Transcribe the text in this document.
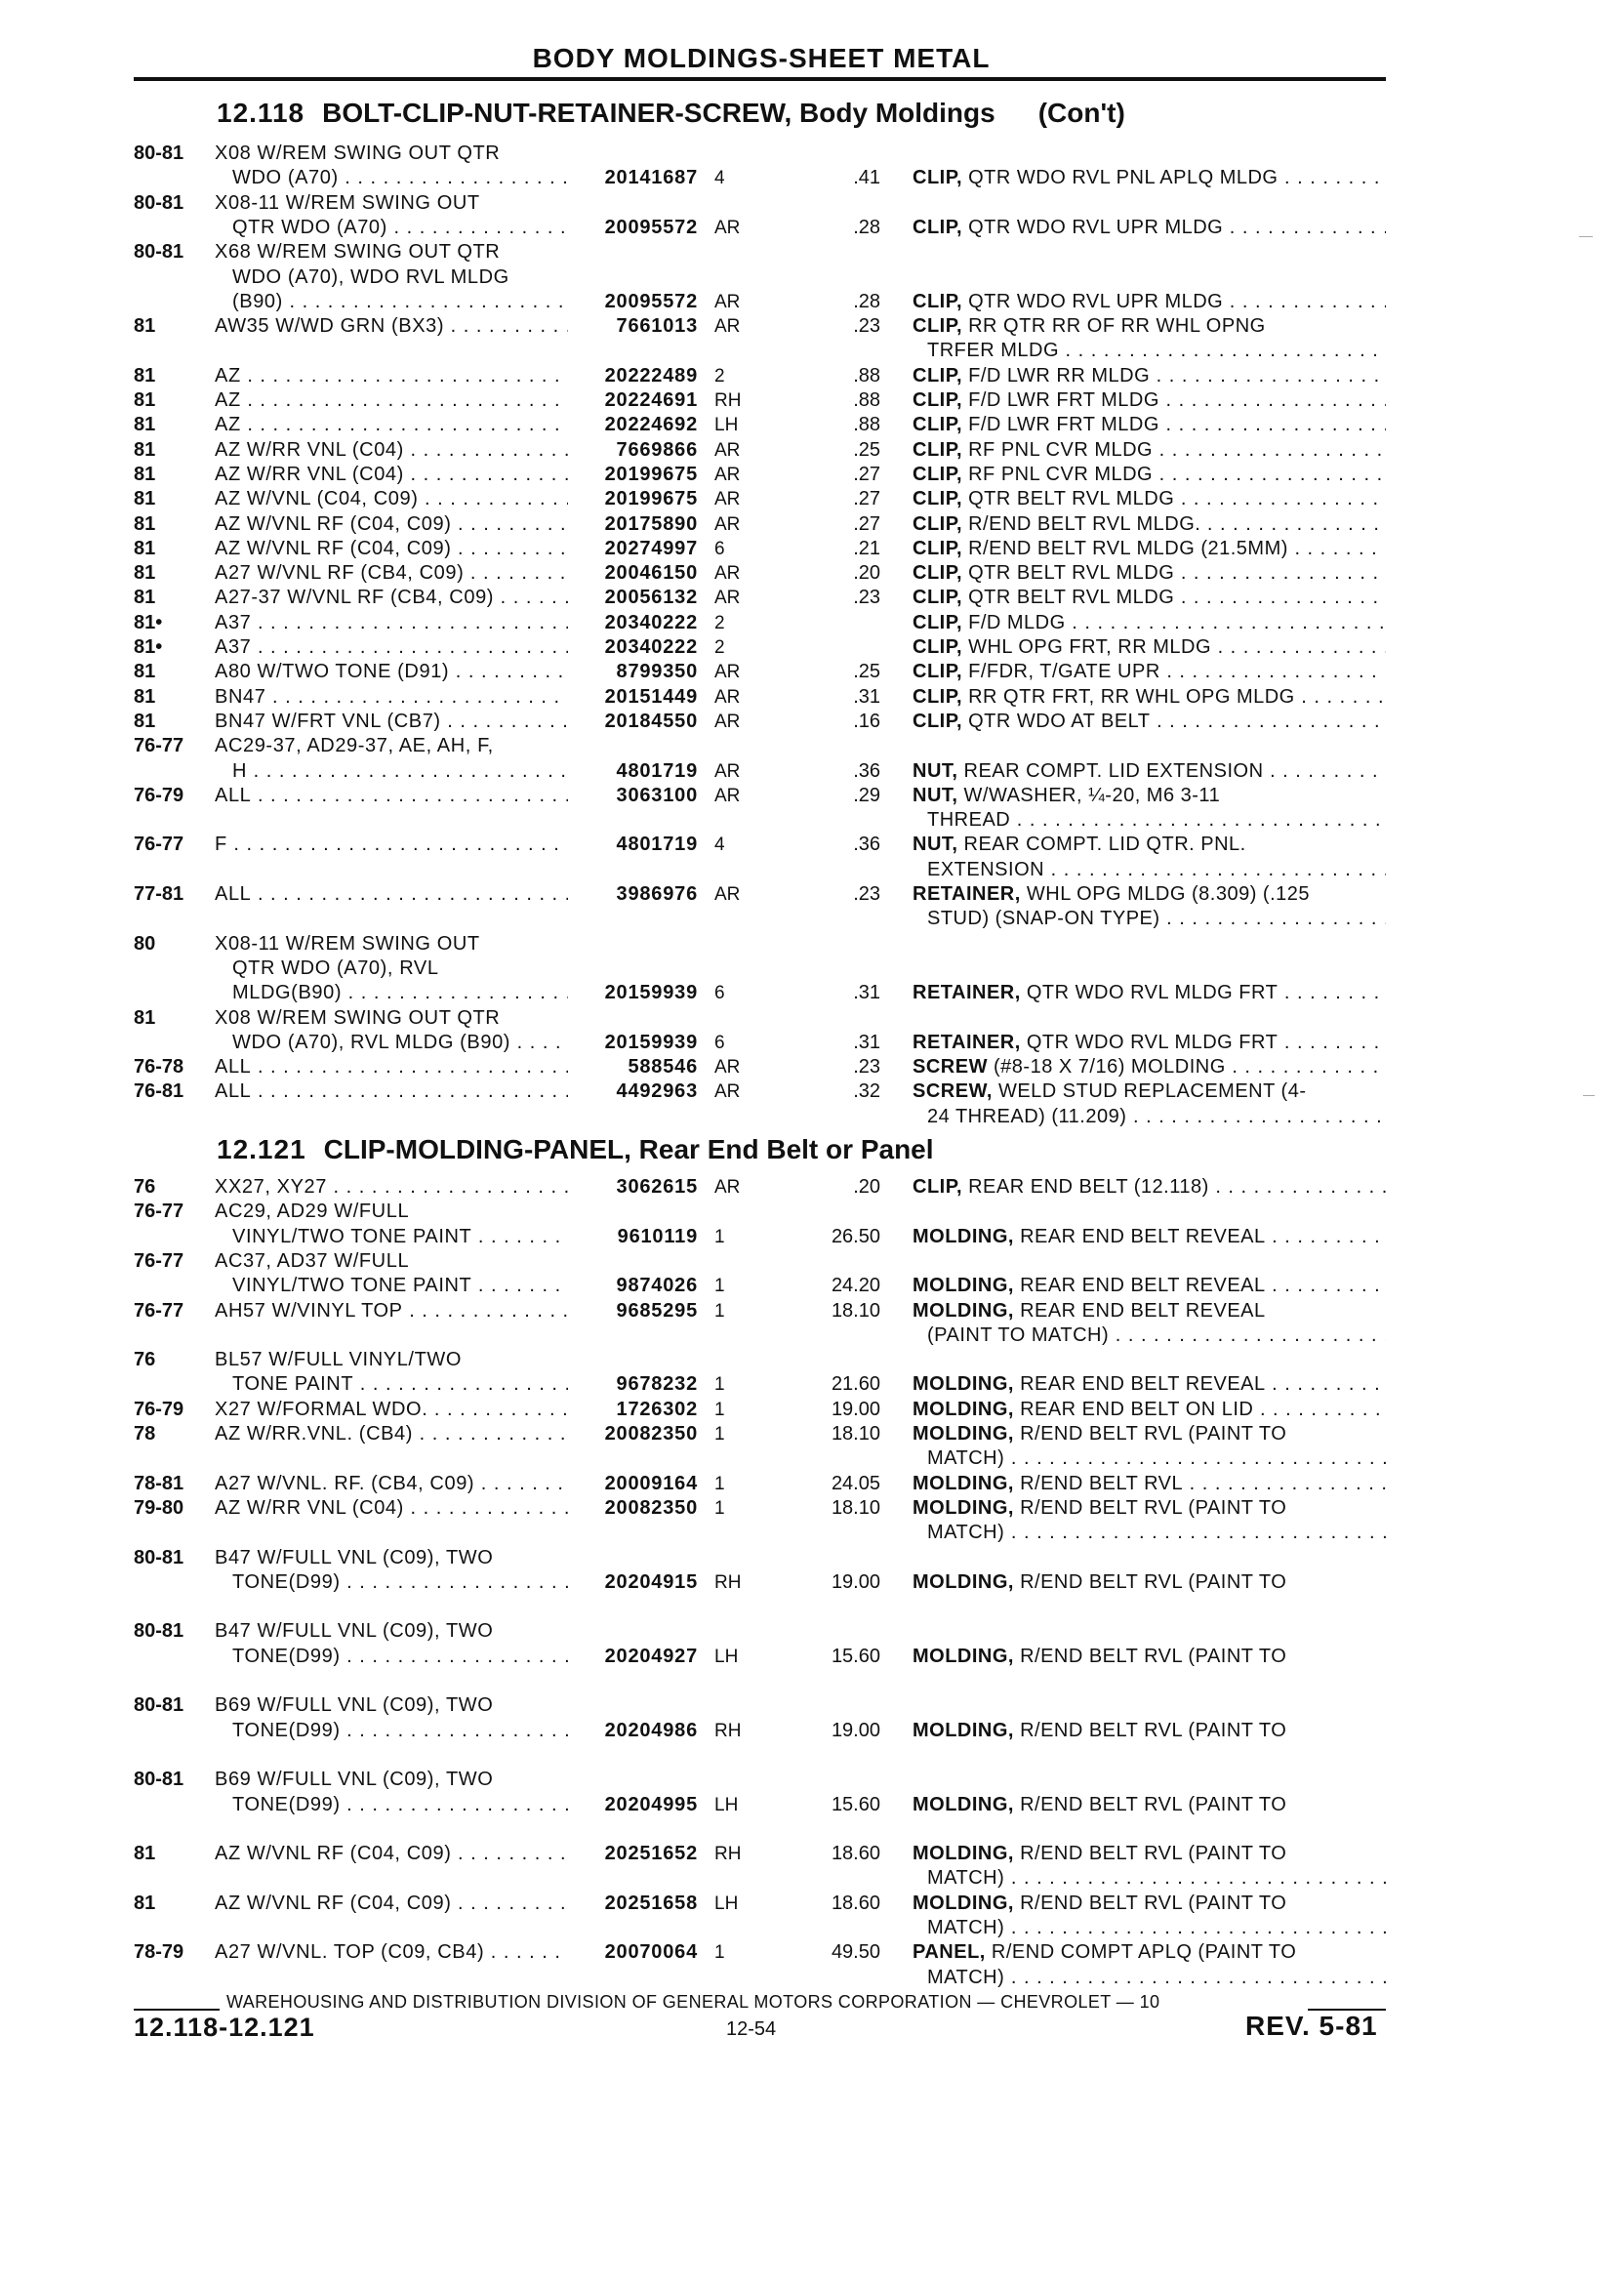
BODY MOLDINGS-SHEET METAL
12.118 BOLT-CLIP-NUT-RETAINER-SCREW, Body Moldings (Con't)
80-81 X08 W/REM SWING OUT QTR
WDO (A70) . . .	20141687 4	.41 CLIP, QTR WDO RVL PNL APLQ MLDG . . .
80-81 X08-11 W/REM SWING OUT
QTR WDO (A70) . . .	20095572 AR	.28 CLIP, QTR WDO RVL UPR MLDG . . .
80-81 X68 W/REM SWING OUT QTR
WDO (A70), WDO RVL MLDG
(B90) . . .	20095572 AR	.28 CLIP, QTR WDO RVL UPR MLDG . . .
81	AW35 W/WD GRN (BX3) . . .	7661013 AR	.23 CLIP, RR QTR RR OF RR WHL OPNG
TRFER MLDG . . .
81	AZ . . .	20222489 2	.88 CLIP, F/D LWR RR MLDG . . .
81	AZ . . .	20224691 RH	.88 CLIP, F/D LWR FRT MLDG . . .
81	AZ . . .	20224692 LH	.88 CLIP, F/D LWR FRT MLDG . . .
81	AZ W/RR VNL (C04) . . .	7669866 AR	.25 CLIP, RF PNL CVR MLDG . . .
81	AZ W/RR VNL (C04) . . .	20199675 AR	.27 CLIP, RF PNL CVR MLDG . . .
81	AZ W/VNL (C04, C09) . . .	20199675 AR	.27 CLIP, QTR BELT RVL MLDG . . .
81	AZ W/VNL RF (C04, C09) . . .	20175890 AR	.27 CLIP, R/END BELT RVL MLDG. . . .
81	AZ W/VNL RF (C04, C09) . . .	20274997 6	.21 CLIP, R/END BELT RVL MLDG (21.5MM) . . .
81	A27 W/VNL RF (CB4, C09) . . .	20046150 AR	.20 CLIP, QTR BELT RVL MLDG . . .
81	A27-37 W/VNL RF (CB4, C09) . . .	20056132 AR	.23 CLIP, QTR BELT RVL MLDG . . .
81•	A37 . . .	20340222 2	CLIP, F/D MLDG . . .
81•	A37 . . .	20340222 2	CLIP, WHL OPG FRT, RR MLDG . . .
81	A80 W/TWO TONE (D91) . . .	8799350 AR	.25 CLIP, F/FDR, T/GATE UPR . . .
81	BN47 . . .	20151449 AR	.31 CLIP, RR QTR FRT, RR WHL OPG MLDG . . .
81	BN47 W/FRT VNL (CB7) . . .	20184550 AR	.16 CLIP, QTR WDO AT BELT . . .
76-77 AC29-37, AD29-37, AE, AH, F,
H . . .	4801719 AR	.36 NUT, REAR COMPT. LID EXTENSION . . .
76-79 ALL . . .	3063100 AR	.29 NUT, W/WASHER, ¼-20, M6 3-11
THREAD . . .
76-77 F . . .	4801719 4	.36 NUT, REAR COMPT. LID QTR. PNL.
EXTENSION . . .
77-81 ALL . . .	3986976 AR	.23 RETAINER, WHL OPG MLDG (8.309) (.125
STUD) (SNAP-ON TYPE) . . .
80	X08-11 W/REM SWING OUT
QTR WDO (A70), RVL
MLDG(B90) . . .	20159939 6	.31 RETAINER, QTR WDO RVL MLDG FRT . . .
81	X08 W/REM SWING OUT QTR
WDO (A70), RVL MLDG (B90) . . .	20159939 6	.31 RETAINER, QTR WDO RVL MLDG FRT . . .
76-78 ALL . . .	588546 AR	.23 SCREW (#8-18 X 7/16) MOLDING . . .
76-81 ALL . . .	4492963 AR	.32 SCREW, WELD STUD REPLACEMENT (4-
24 THREAD) (11.209) . . .
12.121 CLIP-MOLDING-PANEL, Rear End Belt or Panel
76	XX27, XY27 . . .	3062615 AR	.20 CLIP, REAR END BELT (12.118) . . .
76-77 AC29, AD29 W/FULL
VINYL/TWO TONE PAINT . . .	9610119 1	26.50 MOLDING, REAR END BELT REVEAL . . .
76-77 AC37, AD37 W/FULL
VINYL/TWO TONE PAINT . . .	9874026 1	24.20 MOLDING, REAR END BELT REVEAL . . .
76-77 AH57 W/VINYL TOP . . .	9685295 1	18.10 MOLDING, REAR END BELT REVEAL
(PAINT TO MATCH) . . .
76	BL57 W/FULL VINYL/TWO
TONE PAINT . . .	9678232 1	21.60 MOLDING, REAR END BELT REVEAL . . .
76-79 X27 W/FORMAL WDO. . . .	1726302 1	19.00 MOLDING, REAR END BELT ON LID . . .
78	AZ W/RR.VNL. (CB4) . . .	20082350 1	18.10 MOLDING, R/END BELT RVL (PAINT TO
MATCH) . . .
78-81 A27 W/VNL. RF. (CB4, C09) . . .	20009164 1	24.05 MOLDING, R/END BELT RVL . . .
79-80 AZ W/RR VNL (C04) . . .	20082350 1	18.10 MOLDING, R/END BELT RVL (PAINT TO
MATCH) . . .
80-81 B47 W/FULL VNL (C09), TWO
TONE(D99) . . .	20204915 RH	19.00 MOLDING, R/END BELT RVL (PAINT TO
80-81 B47 W/FULL VNL (C09), TWO
TONE(D99) . . .	20204927 LH	15.60 MOLDING, R/END BELT RVL (PAINT TO
80-81 B69 W/FULL VNL (C09), TWO
TONE(D99) . . .	20204986 RH	19.00 MOLDING, R/END BELT RVL (PAINT TO
80-81 B69 W/FULL VNL (C09), TWO
TONE(D99) . . .	20204995 LH	15.60 MOLDING, R/END BELT RVL (PAINT TO
81	AZ W/VNL RF (C04, C09) . . .	20251652 RH	18.60 MOLDING, R/END BELT RVL (PAINT TO
MATCH) . . .
81	AZ W/VNL RF (C04, C09) . . .	20251658 LH	18.60 MOLDING, R/END BELT RVL (PAINT TO
MATCH) . . .
78-79 A27 W/VNL. TOP (C09, CB4) . . .	20070064 1	49.50 PANEL, R/END COMPT APLQ (PAINT TO
MATCH) . . .
WAREHOUSING AND DISTRIBUTION DIVISION OF GENERAL MOTORS CORPORATION — CHEVROLET — 10
12.118-12.121	12-54	REV. 5-81
